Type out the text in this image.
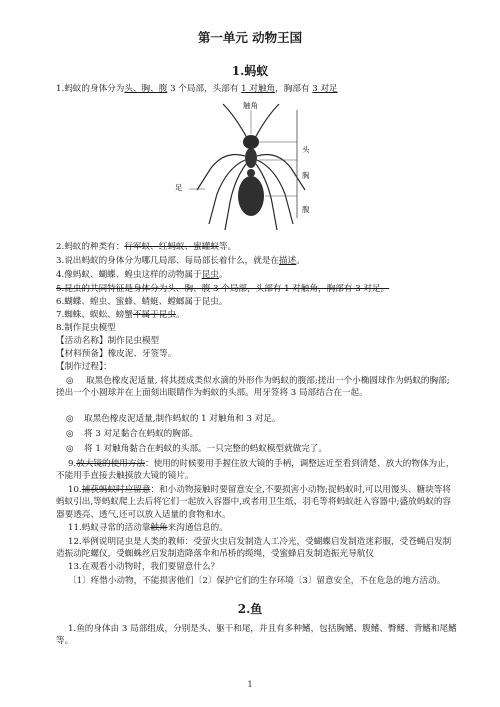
第一单元 动物王国
1.蚂蚁
1.蚂蚁的身体分为头、胸、腹 3 个局部，头部有 1 对触角，胸部有 3 对足
触角
头
胸
腹
足
2.蚂蚁的种类有：行军蚁、红蚂蚁、蜜罐蚁等。
3.说出蚂蚁的身体分为哪几局部、每局部长着什么，就是在描述。
4.像蚂蚁、蝴蝶、蝗虫这样的动物属于昆虫。
5.昆虫的共同特征是身体分为头、胸、腹 3 个局部，头部有 1 对触角，胸部有 3 对足。
6.蝴蝶、蝗虫、蜜蜂、蜻蜓、螳螂属于昆虫。
7.蜘蛛、蜈蚣、螃蟹不属于昆虫。
8.制作昆虫模型
【活动名称】制作昆虫模型
【材料预备】橡皮泥、牙签等。
【制作过程】：
◎	取黑色橡皮泥适量, 将其搓成类似水滴的外形作为蚂蚁的腹部;搓出一个小椭圆球作为蚂蚁的胸部;搓出一个小圆球并在上面刻出眼睛作为蚂蚁的头部。用牙签将 3 局部结合在一起。
◎ 取黑色橡皮泥适量,制作蚂蚁的 1 对触角和 3 对足。
◎ 将 3 对足黏合在蚂蚁的胸部。
◎ 将 1 对触角黏合在蚂蚁的头部。一只完整的蚂蚁模型就做完了。
9.放大镜的使用方法：使用的时候要用手握住放大镜的手柄，调整远近至看到清楚、放大的物体为止，不能用手直接去触摸放大镜的镜片。
10.捕获蚂蚁时应留意：和小动物接触时要留意安全,不要损害小动物;捉蚂蚁时,可以用馒头、糖块等将蚂蚁引出,等蚂蚁爬上去后将它们一起放入容器中,或者用卫生纸、羽毛等将蚂蚁赶入容器中;盛放蚂蚁的容器要透亮、透气,还可以放入适量的食物和水。
11.蚂蚁寻常的活动靠触角来沟通信息的。
12.举例说明昆虫是人类的教师：受萤火虫启发制造人工冷光，受蝴蝶启发制造迷彩服，受苍蝇启发制造振动陀螺仪，受蜘蛛丝启发制造降落伞和吊桥的缆绳，受蜜蜂启发制造振光导航仪
13.在观看小动物时，我们要留意什么？
〔1〕疼惜小动物，不能损害他们〔2〕保护它们的生存环境〔3〕留意安全，不在危急的地方活动。
2.鱼
1.鱼的身体由 3 局部组成，分别是头、躯干和尾，并且有多种鳍，包括胸鳍、腹鳍、臀鳍、背鳍和尾鳍等。
1
